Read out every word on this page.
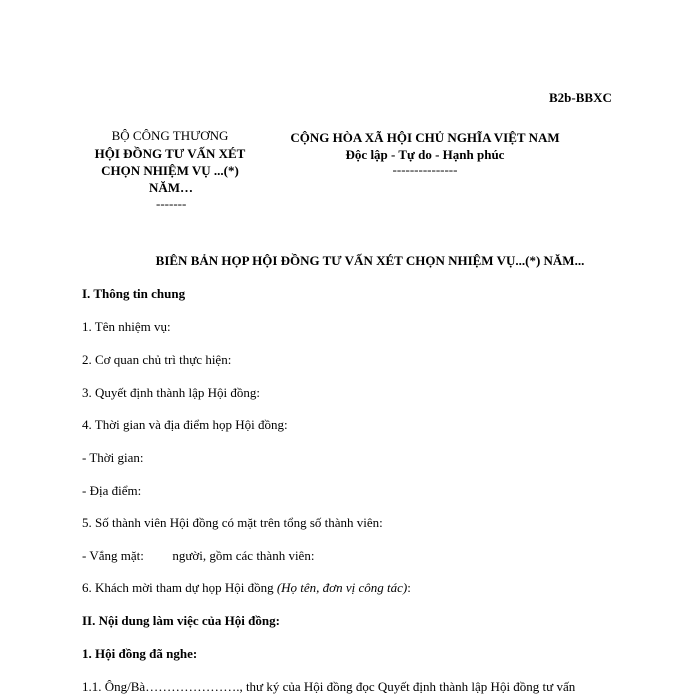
B2b-BBXC
BỘ CÔNG THƯƠNG
HỘI ĐỒNG TƯ VẤN XÉT
CHỌN NHIỆM VỤ ...(*)
NĂM…
-------
CỘNG HÒA XÃ HỘI CHỦ NGHĨA VIỆT NAM
Độc lập - Tự do - Hạnh phúc
---------------
BIÊN BẢN HỌP HỘI ĐỒNG TƯ VẤN XÉT CHỌN NHIỆM VỤ...(*) NĂM...
I. Thông tin chung
1. Tên nhiệm vụ:
2. Cơ quan chủ trì thực hiện:
3. Quyết định thành lập Hội đồng:
4. Thời gian và địa điểm họp Hội đồng:
- Thời gian:
- Địa điểm:
5. Số thành viên Hội đồng có mặt trên tổng số thành viên:
- Vắng mặt: người, gồm các thành viên:
6. Khách mời tham dự họp Hội đồng (Họ tên, đơn vị công tác):
II. Nội dung làm việc của Hội đồng:
1. Hội đồng đã nghe:
1.1. Ông/Bà…………………., thư ký của Hội đồng đọc Quyết định thành lập Hội đồng tư vấn
